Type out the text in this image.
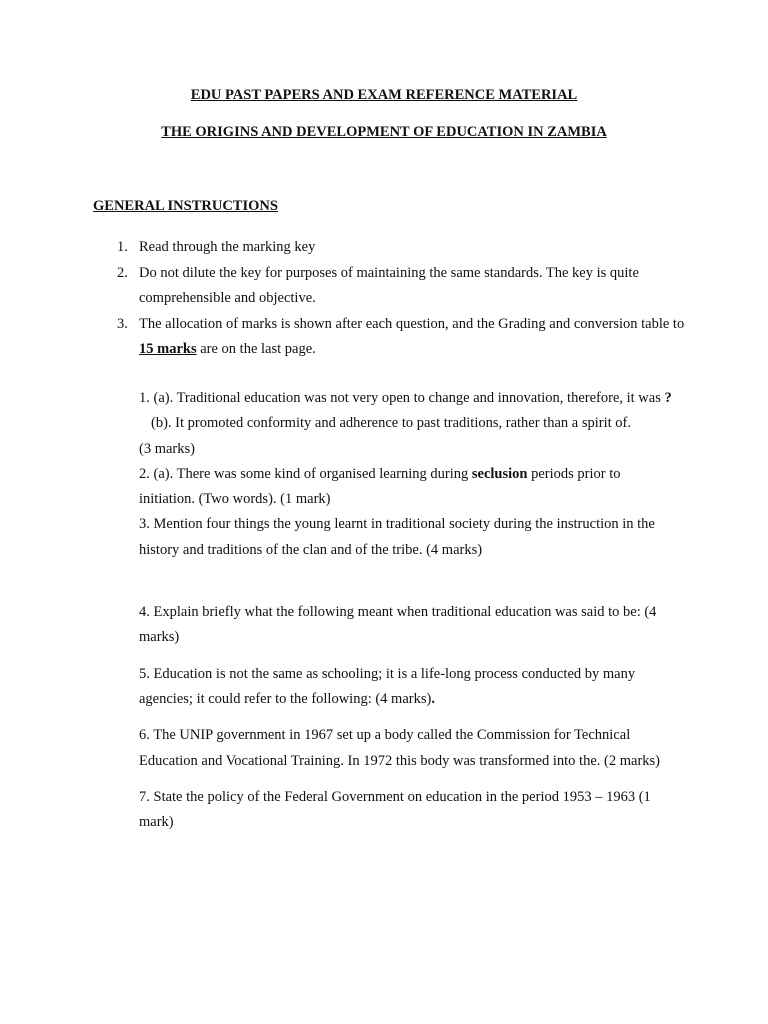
EDU PAST PAPERS AND EXAM REFERENCE MATERIAL
THE ORIGINS AND DEVELOPMENT OF EDUCATION IN ZAMBIA
GENERAL INSTRUCTIONS
1. Read through the marking key
2. Do not dilute the key for purposes of maintaining the same standards. The key is quite comprehensible and objective.
3. The allocation of marks is shown after each question, and the Grading and conversion table to 15 marks are on the last page.

1. (a). Traditional education was not very open to change and innovation, therefore, it was ?

(b). It promoted conformity and adherence to past traditions, rather than a spirit of.

(3 marks)

2. (a). There was some kind of organised learning during seclusion periods prior to initiation. (Two words). (1 mark)

3. Mention four things the young learnt in traditional society during the instruction in the history and traditions of the clan and of the tribe. (4 marks)

4. Explain briefly what the following meant when traditional education was said to be: (4 marks)

5. Education is not the same as schooling; it is a life-long process conducted by many agencies; it could refer to the following: (4 marks).

6. The UNIP government in 1967 set up a body called the Commission for Technical Education and Vocational Training. In 1972 this body was transformed into the. (2 marks)

7. State the policy of the Federal Government on education in the period 1953 – 1963 (1 mark)
